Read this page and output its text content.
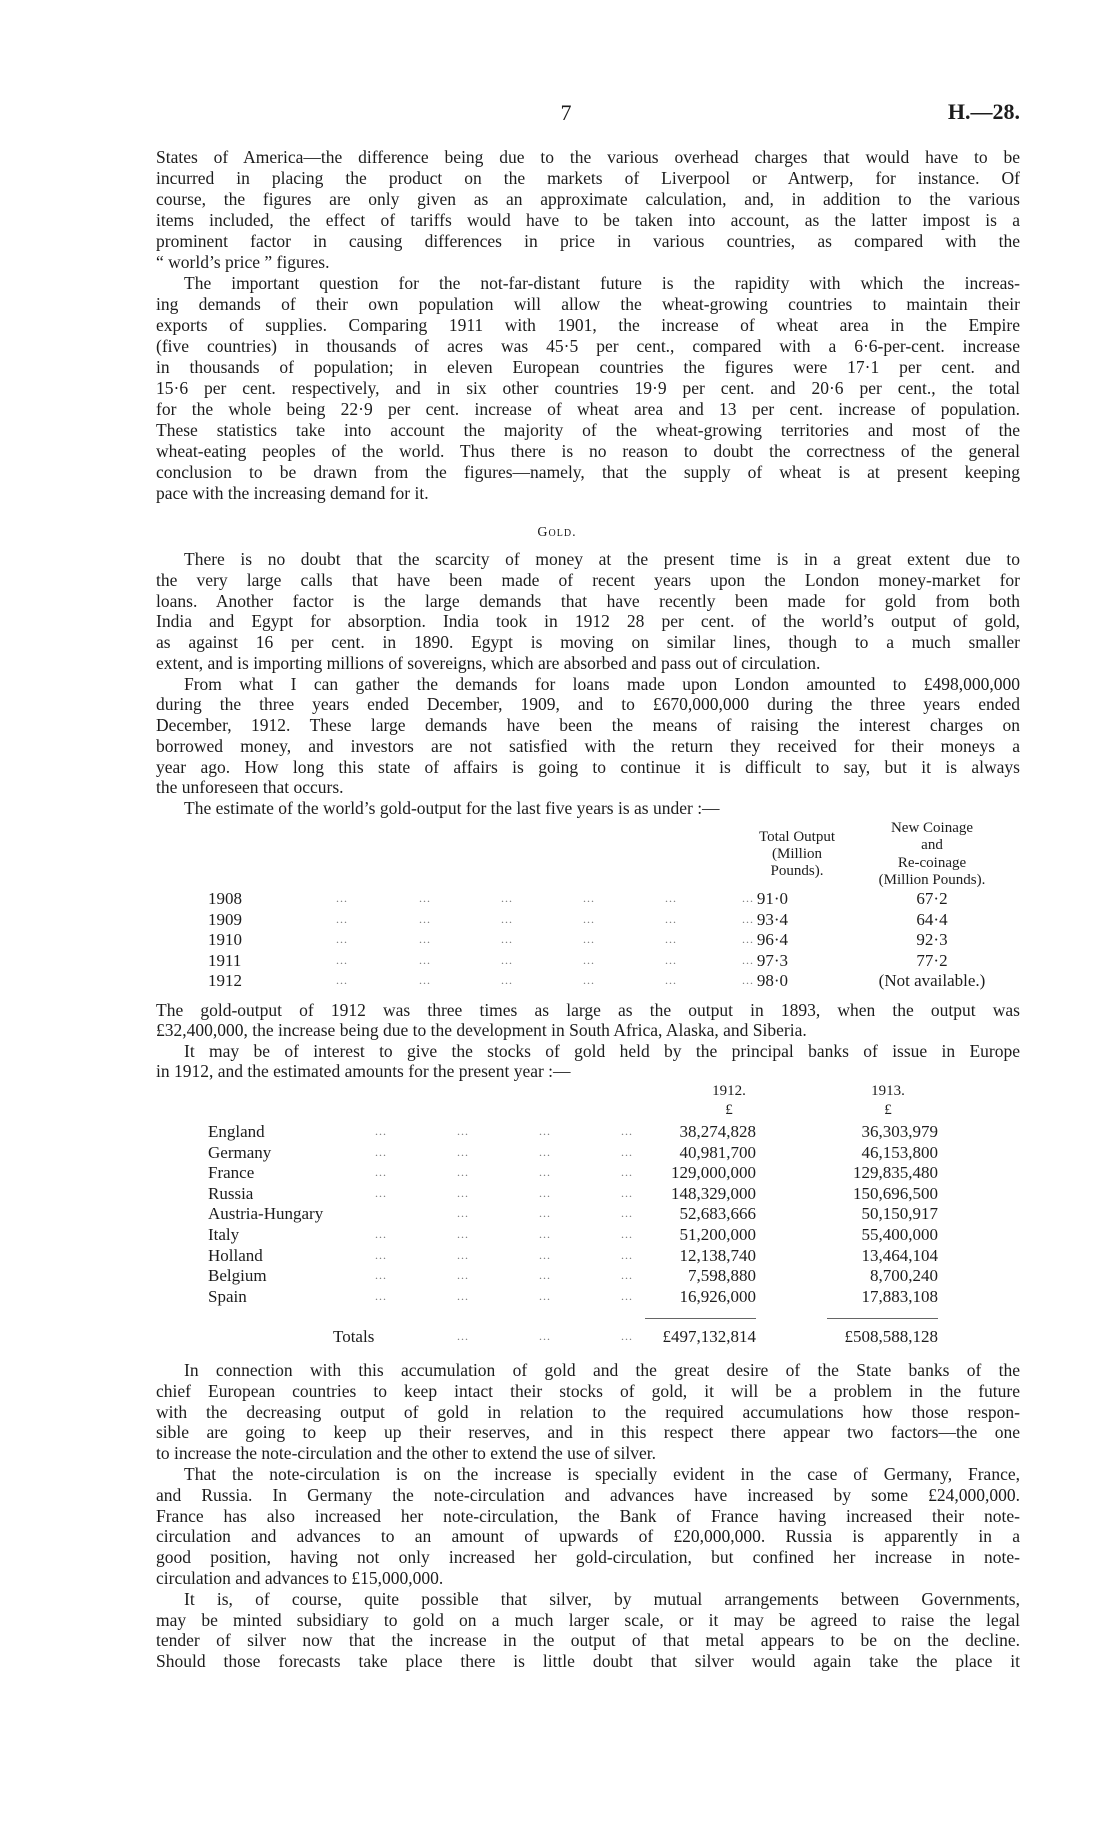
7	H.—28.
States of America—the difference being due to the various overhead charges that would have to be
incurred in placing the product on the markets of Liverpool or Antwerp, for instance. Of
course, the figures are only given as an approximate calculation, and, in addition to the various
items included, the effect of tariffs would have to be taken into account, as the latter impost is a
prominent factor in causing differences in price in various countries, as compared with the
“ world’s price ” figures.
The important question for the not-far-distant future is the rapidity with which the increas-
ing demands of their own population will allow the wheat-growing countries to maintain their
exports of supplies. Comparing 1911 with 1901, the increase of wheat area in the Empire
(five countries) in thousands of acres was 45·5 per cent., compared with a 6·6-per-cent. increase
in thousands of population; in eleven European countries the figures were 17·1 per cent. and
15·6 per cent. respectively, and in six other countries 19·9 per cent. and 20·6 per cent., the total
for the whole being 22·9 per cent. increase of wheat area and 13 per cent. increase of population.
These statistics take into account the majority of the wheat-growing territories and most of the
wheat-eating peoples of the world. Thus there is no reason to doubt the correctness of the general
conclusion to be drawn from the figures—namely, that the supply of wheat is at present keeping
pace with the increasing demand for it.
Gold.
There is no doubt that the scarcity of money at the present time is in a great extent due to
the very large calls that have been made of recent years upon the London money-market for
loans. Another factor is the large demands that have recently been made for gold from both
India and Egypt for absorption. India took in 1912 28 per cent. of the world’s output of gold,
as against 16 per cent. in 1890. Egypt is moving on similar lines, though to a much smaller
extent, and is importing millions of sovereigns, which are absorbed and pass out of circulation.
From what I can gather the demands for loans made upon London amounted to £498,000,000
during the three years ended December, 1909, and to £670,000,000 during the three years ended
December, 1912. These large demands have been the means of raising the interest charges on
borrowed money, and investors are not satisfied with the return they received for their moneys a
year ago. How long this state of affairs is going to continue it is difficult to say, but it is always
the unforeseen that occurs.
The estimate of the world’s gold-output for the last five years is as under :—
Total Output
(Million
Pounds).
New Coinage
and
Re-coinage
(Million Pounds).
1908	...	...	...	...	...	... 91·0	67·2
1909	...	...	...	...	...	... 93·4	64·4
1910	...	...	...	...	...	... 96·4	92·3
1911	...	...	...	...	...	... 97·3	77·2
1912	...	...	...	...	...	... 98·0	(Not available.)
The gold-output of 1912 was three times as large as the output in 1893, when the output was
£32,400,000, the increase being due to the development in South Africa, Alaska, and Siberia.
It may be of interest to give the stocks of gold held by the principal banks of issue in Europe
in 1912, and the estimated amounts for the present year :—
1912.
£
1913.
£
England	...	...	...	...	38,274,828	36,303,979
Germany	...	...	...	...	40,981,700	46,153,800
France	...	...	...	... 129,000,000	129,835,480
Russia	...	...	...	... 148,329,000	150,696,500
Austria-Hungary	...	...	...	52,683,666	50,150,917
Italy	...	...	...	...	51,200,000	55,400,000
Holland	...	...	...	...	12,138,740	13,464,104
Belgium	...	...	...	...	7,598,880	8,700,240
Spain	...	...	...	...	16,926,000	17,883,108
Totals	...	...	... £497,132,814	£508,588,128
In connection with this accumulation of gold and the great desire of the State banks of the
chief European countries to keep intact their stocks of gold, it will be a problem in the future
with the decreasing output of gold in relation to the required accumulations how those respon-
sible are going to keep up their reserves, and in this respect there appear two factors—the one
to increase the note-circulation and the other to extend the use of silver.
That the note-circulation is on the increase is specially evident in the case of Germany, France,
and Russia. In Germany the note-circulation and advances have increased by some £24,000,000.
France has also increased her note-circulation, the Bank of France having increased their note-
circulation and advances to an amount of upwards of £20,000,000. Russia is apparently in a
good position, having not only increased her gold-circulation, but confined her increase in note-
circulation and advances to £15,000,000.
It is, of course, quite possible that silver, by mutual arrangements between Governments,
may be minted subsidiary to gold on a much larger scale, or it may be agreed to raise the legal
tender of silver now that the increase in the output of that metal appears to be on the decline.
Should those forecasts take place there is little doubt that silver would again take the place it
